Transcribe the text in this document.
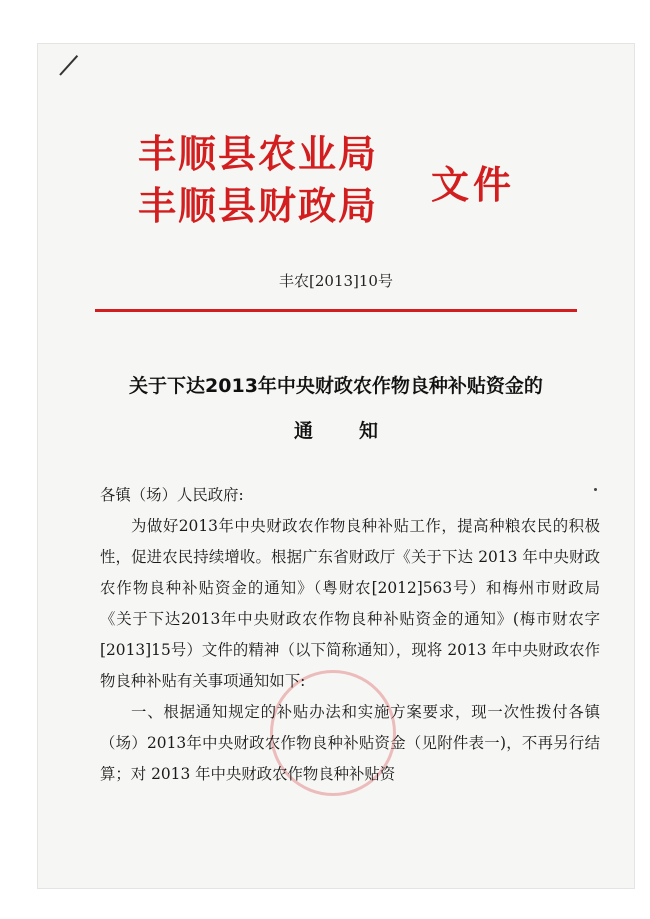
丰顺县农业局
丰顺县财政局 文件
丰农[2013]10号
关于下达2013年中央财政农作物良种补贴资金的
通知

各镇（场）人民政府:

为做好2013年中央财政农作物良种补贴工作，提高种粮农民的积极性，促进农民持续增收。根据广东省财政厅《关于下达 2013 年中央财政农作物良种补贴资金的通知》（粤财农[2012]563号）和梅州市财政局《关于下达2013年中央财政农作物良种补贴资金的通知》(梅市财农字[2013]15号）文件的精神（以下简称通知），现将 2013 年中央财政农作物良种补贴有关事项通知如下:

一、根据通知规定的补贴办法和实施方案要求，现一次性拨付各镇（场）2013年中央财政农作物良种补贴资金（见附件表一)，不再另行结算；对 2013 年中央财政农作物良种补贴资
